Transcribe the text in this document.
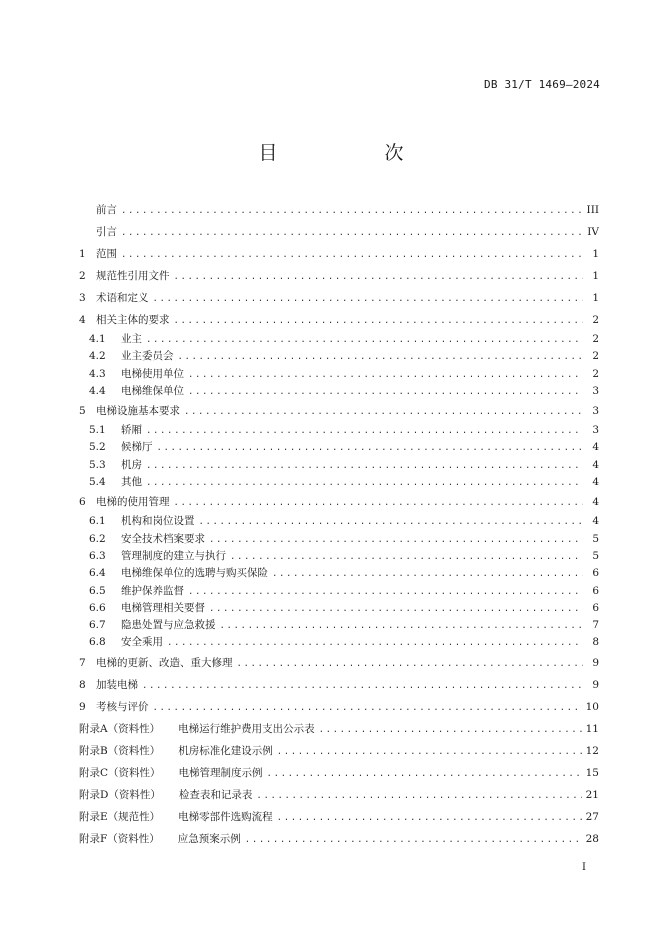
DB 31/T 1469—2024
目　次
前言 .....	III
引言 .....	IV
1 范围 .....	1
2 规范性引用文件 .....	1
3 术语和定义 .....	1
4 相关主体的要求 .....	2
4.1	业主 .....	2
4.2	业主委员会 .....	2
4.3	电梯使用单位 .....	2
4.4	电梯维保单位 .....	3
5 电梯设施基本要求 .....	3
5.1	轿厢 .....	3
5.2	候梯厅 .....	4
5.3	机房 .....	4
5.4	其他 .....	4
6 电梯的使用管理 .....	4
6.1	机构和岗位设置 .....	4
6.2	安全技术档案要求 .....	5
6.3	管理制度的建立与执行 .....	5
6.4	电梯维保单位的选聘与购买保险 .....	6
6.5	维护保养监督 .....	6
6.6	电梯管理相关要督 .....	6
6.7	隐患处置与应急救援 .....	7
6.8	安全乘用 .....	8
7 电梯的更新、改造、重大修理 .....	9
8 加装电梯 .....	9
9 考核与评价 .....	10
附录A（资料性） 电梯运行维护费用支出公示表 .....	11
附录B（资料性） 机房标准化建设示例 .....	12
附录C（资料性） 电梯管理制度示例 .....	15
附录D（资料性） 检查表和记录表 .....	21
附录E（规范性） 电梯零部件选购流程 .....	27
附录F（资料性） 应急预案示例 .....	28
I
